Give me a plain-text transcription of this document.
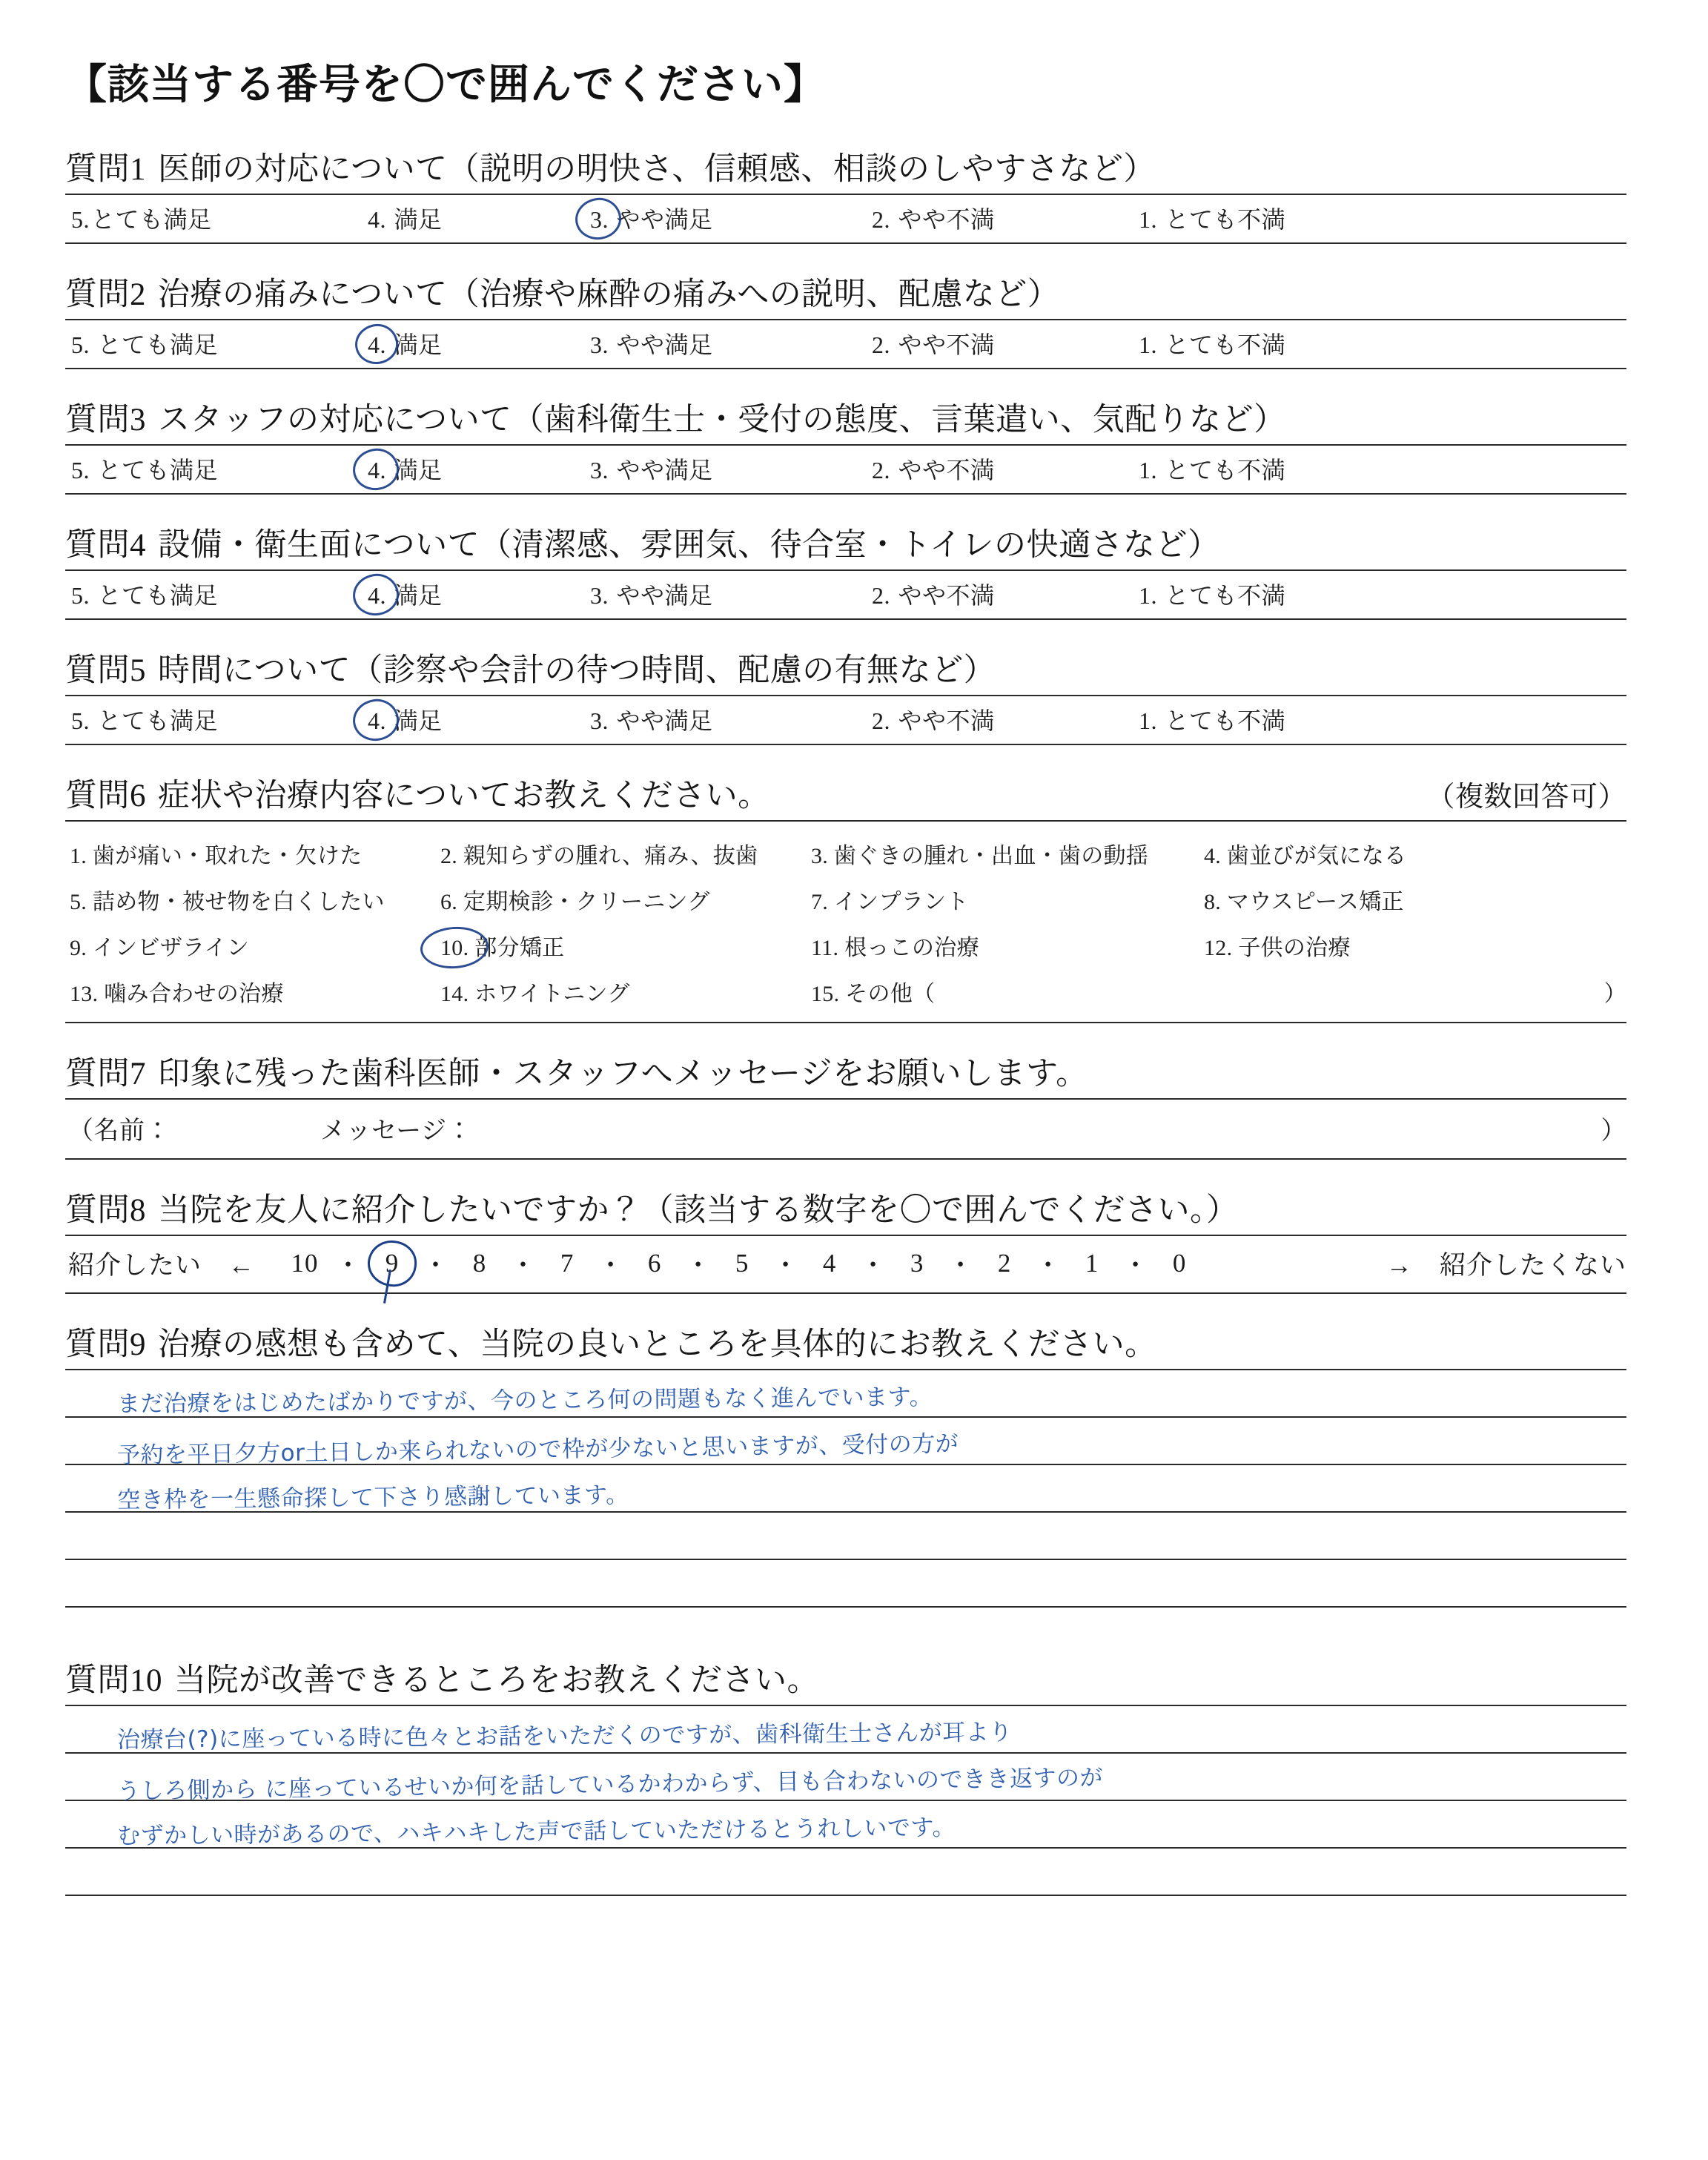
【該当する番号を〇で囲んでください】
質問1 医師の対応について（説明の明快さ、信頼感、相談のしやすさなど）
5.とても満足	4. 満足	3. やや満足	2. やや不満	1. とても不満
質問2 治療の痛みについて（治療や麻酔の痛みへの説明、配慮など）
5. とても満足	4. 満足	3. やや満足	2. やや不満	1. とても不満
質問3 スタッフの対応について（歯科衛生士・受付の態度、言葉遣い、気配りなど）
5. とても満足	4. 満足	3. やや満足	2. やや不満	1. とても不満
質問4 設備・衛生面について（清潔感、雰囲気、待合室・トイレの快適さなど）
5. とても満足	4. 満足	3. やや満足	2. やや不満	1. とても不満
質問5 時間について（診察や会計の待つ時間、配慮の有無など）
5. とても満足	4. 満足	3. やや満足	2. やや不満	1. とても不満
質問6 症状や治療内容についてお教えください。	（複数回答可）
1. 歯が痛い・取れた・欠けた	2. 親知らずの腫れ、痛み、抜歯	3. 歯ぐきの腫れ・出血・歯の動揺	4. 歯並びが気になる
5. 詰め物・被せ物を白くしたい	6. 定期検診・クリーニング	7. インプラント	8. マウスピース矯正
9. インビザライン	10. 部分矯正	11. 根っこの治療	12. 子供の治療
13. 噛み合わせの治療	14. ホワイトニング	15. その他（	）
質問7 印象に残った歯科医師・スタッフへメッセージをお願いします。
（名前：	メッセージ：	）
質問8 当院を友人に紹介したいですか？（該当する数字を〇で囲んでください。）
紹介したい　← 10 ・ 9 ・ 8 ・ 7 ・ 6 ・ 5 ・ 4 ・ 3 ・ 2 ・ 1 ・ 0	→　紹介したくない
質問9 治療の感想も含めて、当院の良いところを具体的にお教えください。
まだ治療をはじめたばかりですが、今のところ何の問題もなく進んでいます。
予約を平日夕方or土日しか来られないので枠が少ないと思いますが、受付の方が
空き枠を一生懸命探して下さり感謝しています。
質問10 当院が改善できるところをお教えください。
治療台(?)に座っている時に色々とお話をいただくのですが、歯科衛生士さんが耳より
うしろ側から に座っているせいか何を話しているかわからず、目も合わないのできき返すのが
むずかしい時があるので、ハキハキした声で話していただけるとうれしいです。
